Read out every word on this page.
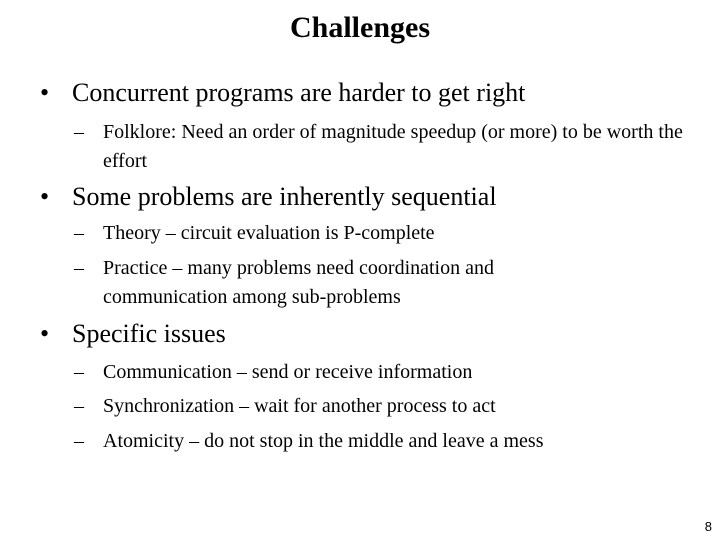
Challenges
• Concurrent programs are harder to get right
– Folklore: Need an order of magnitude speedup (or more) to be worth the effort
• Some problems are inherently sequential
– Theory – circuit evaluation is P-complete
– Practice – many problems need coordination and communication among sub-problems
• Specific issues
– Communication – send or receive information
– Synchronization – wait for another process to act
– Atomicity – do not stop in the middle and leave a mess
8
